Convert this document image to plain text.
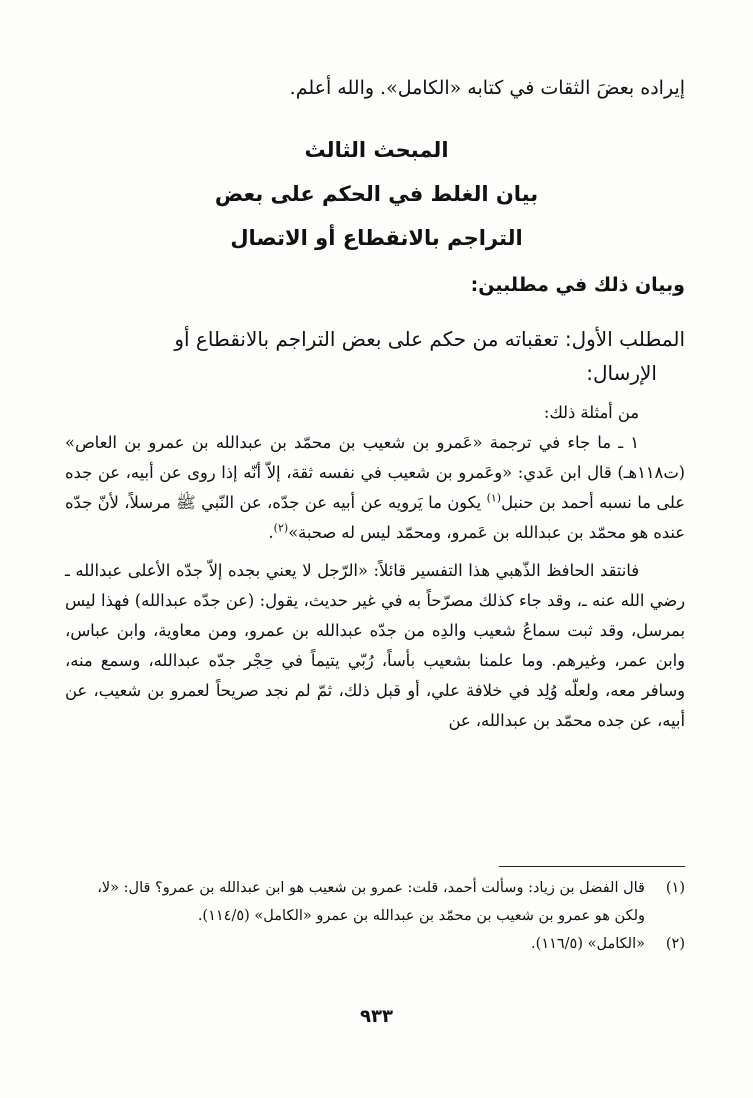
إيراده بعضَ الثقات في كتابه «الكامل». والله أعلم.
المبحث الثالث
بيان الغلط في الحكم على بعض
التراجم بالانقطاع أو الاتصال
وبيان ذلك في مطلبين:
المطلب الأول: تعقباته من حكم على بعض التراجم بالانقطاع أو
الإرسال:

من أمثلة ذلك:

١ ـ ما جاء في ترجمة «عَمرو بن شعيب بن محمّد بن عبدالله بن عمرو بن العاص» (ت١١٨هـ) قال ابن عَدي: «وعَمرو بن شعيب في نفسه ثقة، إلاّ أنّه إذا روى عن أبيه، عن جده على ما نسبه أحمد بن حنبل$^{(١)}$ يكون ما يَرويه عن أبيه عن جدّه، عن النّبي ﷺ مرسلاً، لأنّ جدّه عنده هو محمّد بن عبدالله بن عَمرو، ومحمّد ليس له صحبة»$^{(٢)}$.

فانتقد الحافظ الذّهبي هذا التفسير قائلاً: «الرّجل لا يعني بجده إلاّ جدّه الأعلى عبدالله ـ رضي الله عنه ـ، وقد جاء كذلك مصرّحاً به في غير حديث، يقول: (عن جدّه عبدالله) فهذا ليس بمرسل، وقد ثبت سماعُ شعيب والدِه من جدّه عبدالله بن عمرو، ومن معاوية، وابن عباس، وابن عمر، وغيرهم. وما علمنا بشعيب بأساً، رُبّي يتيماً في حِجْر جدّه عبدالله، وسمع منه، وسافر معه، ولعلّه وُلِد في خلافة علي، أو قبل ذلك، ثمّ لم نجد صريحاً لعمرو بن شعيب، عن أبيه، عن جده محمّد بن عبدالله، عن

(١)
قال الفضل بن زياد: وسألت أحمد، قلت: عمرو بن شعيب هو ابن عبدالله بن عمرو؟ قال: «لا، ولكن هو عمرو بن شعيب بن محمّد بن عبدالله بن عمرو «الكامل» (١١٤/٥).
(٢)
«الكامل» (١١٦/٥).
٩٣٣
